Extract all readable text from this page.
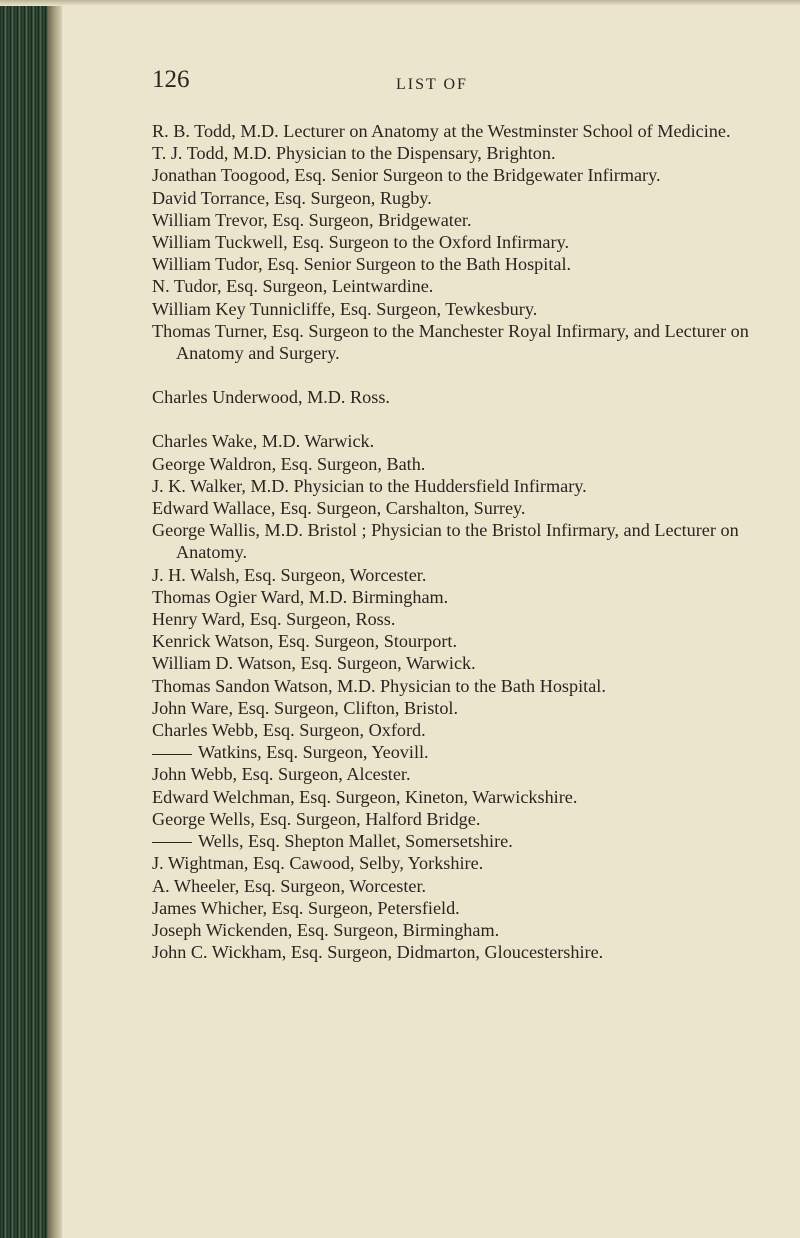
126	LIST OF

R. B. Todd, M.D. Lecturer on Anatomy at the Westminster School of Medicine.

T. J. Todd, M.D. Physician to the Dispensary, Brighton.

Jonathan Toogood, Esq. Senior Surgeon to the Bridgewater Infirmary.

David Torrance, Esq. Surgeon, Rugby.

William Trevor, Esq. Surgeon, Bridgewater.

William Tuckwell, Esq. Surgeon to the Oxford Infirmary.

William Tudor, Esq. Senior Surgeon to the Bath Hospital.

N. Tudor, Esq. Surgeon, Leintwardine.

William Key Tunnicliffe, Esq. Surgeon, Tewkesbury.

Thomas Turner, Esq. Surgeon to the Manchester Royal Infirmary, and Lecturer on Anatomy and Surgery.

Charles Underwood, M.D. Ross.

Charles Wake, M.D. Warwick.

George Waldron, Esq. Surgeon, Bath.

J. K. Walker, M.D. Physician to the Huddersfield Infirmary.

Edward Wallace, Esq. Surgeon, Carshalton, Surrey.

George Wallis, M.D. Bristol ; Physician to the Bristol Infirmary, and Lecturer on Anatomy.

J. H. Walsh, Esq. Surgeon, Worcester.

Thomas Ogier Ward, M.D. Birmingham.

Henry Ward, Esq. Surgeon, Ross.

Kenrick Watson, Esq. Surgeon, Stourport.

William D. Watson, Esq. Surgeon, Warwick.

Thomas Sandon Watson, M.D. Physician to the Bath Hospital.

John Ware, Esq. Surgeon, Clifton, Bristol.

Charles Webb, Esq. Surgeon, Oxford.

Watkins, Esq. Surgeon, Yeovill.

John Webb, Esq. Surgeon, Alcester.

Edward Welchman, Esq. Surgeon, Kineton, Warwickshire.

George Wells, Esq. Surgeon, Halford Bridge.

Wells, Esq. Shepton Mallet, Somersetshire.

J. Wightman, Esq. Cawood, Selby, Yorkshire.

A. Wheeler, Esq. Surgeon, Worcester.

James Whicher, Esq. Surgeon, Petersfield.

Joseph Wickenden, Esq. Surgeon, Birmingham.

John C. Wickham, Esq. Surgeon, Didmarton, Gloucestershire.
